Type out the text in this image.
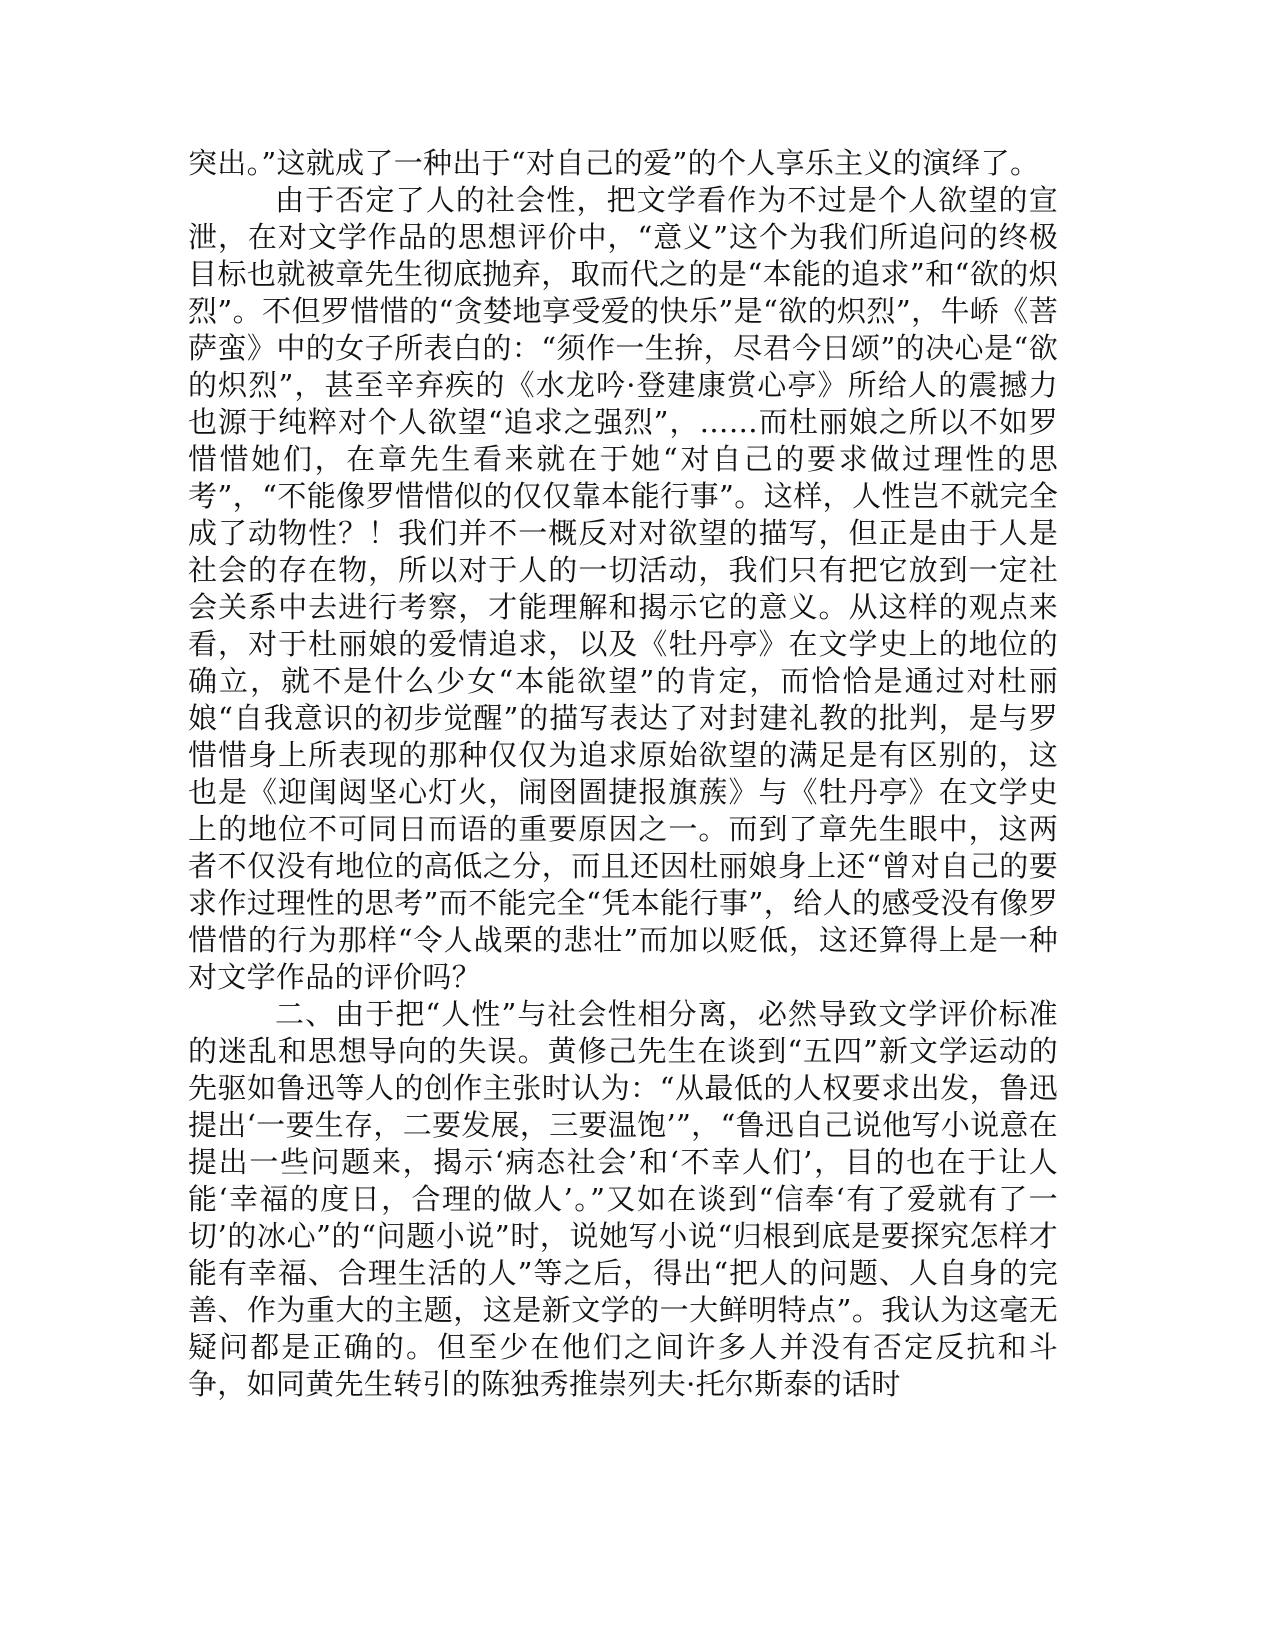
突出。”这就成了一种出于“对自己的爱”的个人享乐主义的演绎了。

由于否定了人的社会性，把文学看作为不过是个人欲望的宣泄，在对文学作品的思想评价中，“意义”这个为我们所追问的终极目标也就被章先生彻底抛弃，取而代之的是“本能的追求”和“欲的炽烈”。不但罗惜惜的“贪婪地享受爱的快乐”是“欲的炽烈”，牛峤《菩萨蛮》中的女子所表白的：“须作一生拚，尽君今日颂”的决心是“欲的炽烈”，甚至辛弃疾的《水龙吟·登建康赏心亭》所给人的震撼力也源于纯粹对个人欲望“追求之强烈”，……而杜丽娘之所以不如罗惜惜她们，在章先生看来就在于她“对自己的要求做过理性的思考”，“不能像罗惜惜似的仅仅靠本能行事”。这样，人性岂不就完全成了动物性？！我们并不一概反对对欲望的描写，但正是由于人是社会的存在物，所以对于人的一切活动，我们只有把它放到一定社会关系中去进行考察，才能理解和揭示它的意义。从这样的观点来看，对于杜丽娘的爱情追求，以及《牡丹亭》在文学史上的地位的确立，就不是什么少女“本能欲望”的肯定，而恰恰是通过对杜丽娘“自我意识的初步觉醒”的描写表达了对封建礼教的批判，是与罗惜惜身上所表现的那种仅仅为追求原始欲望的满足是有区别的，这也是《迎闺闼坚心灯火，闹囹圄捷报旗蔟》与《牡丹亭》在文学史上的地位不可同日而语的重要原因之一。而到了章先生眼中，这两者不仅没有地位的高低之分，而且还因杜丽娘身上还“曾对自己的要求作过理性的思考”而不能完全“凭本能行事”，给人的感受没有像罗惜惜的行为那样“令人战栗的悲壮”而加以贬低，这还算得上是一种对文学作品的评价吗？

二、由于把“人性”与社会性相分离，必然导致文学评价标准的迷乱和思想导向的失误。黄修己先生在谈到“五四”新文学运动的先驱如鲁迅等人的创作主张时认为：“从最低的人权要求出发，鲁迅提出‘一要生存，二要发展，三要温饱’”，“鲁迅自己说他写小说意在提出一些问题来，揭示‘病态社会’和‘不幸人们’，目的也在于让人能‘幸福的度日，合理的做人’。”又如在谈到“信奉‘有了爱就有了一切’的冰心”的“问题小说”时，说她写小说“归根到底是要探究怎样才能有幸福、合理生活的人”等之后，得出“把人的问题、人自身的完善、作为重大的主题，这是新文学的一大鲜明特点”。我认为这毫无疑问都是正确的。但至少在他们之间许多人并没有否定反抗和斗争，如同黄先生转引的陈独秀推崇列夫·托尔斯泰的话时
